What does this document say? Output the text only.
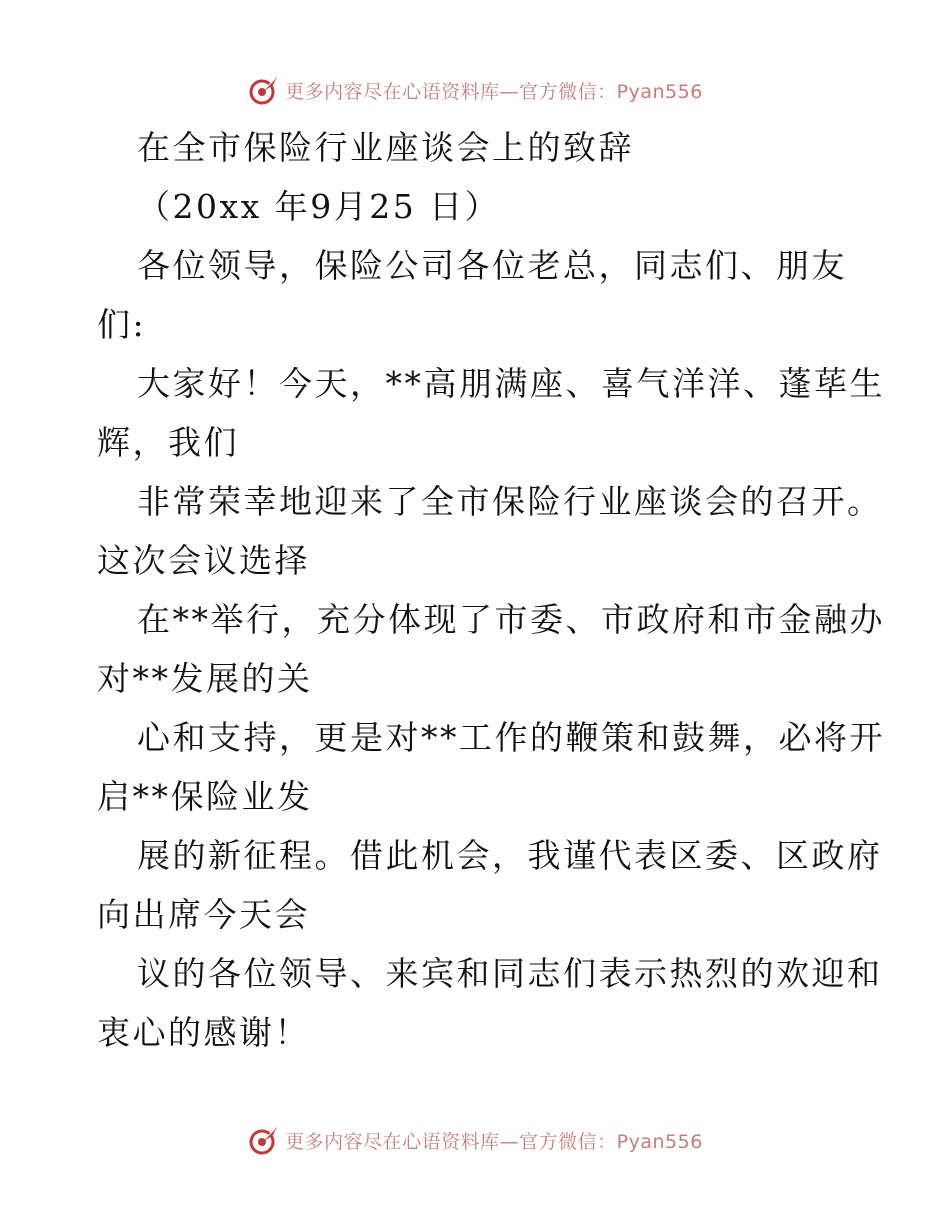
更多内容尽在心语资料库—官方微信：Pyan556
在全市保险行业座谈会上的致辞
（20xx 年9月25 日）
各位领导，保险公司各位老总，同志们、朋友
们:
大家好！今天，**高朋满座、喜气洋洋、蓬荜生
辉，我们
非常荣幸地迎来了全市保险行业座谈会的召开。
这次会议选择
在**举行，充分体现了市委、市政府和市金融办
对**发展的关
心和支持，更是对**工作的鞭策和鼓舞，必将开
启**保险业发
展的新征程。借此机会，我谨代表区委、区政府
向出席今天会
议的各位领导、来宾和同志们表示热烈的欢迎和
衷心的感谢！
更多内容尽在心语资料库—官方微信：Pyan556
